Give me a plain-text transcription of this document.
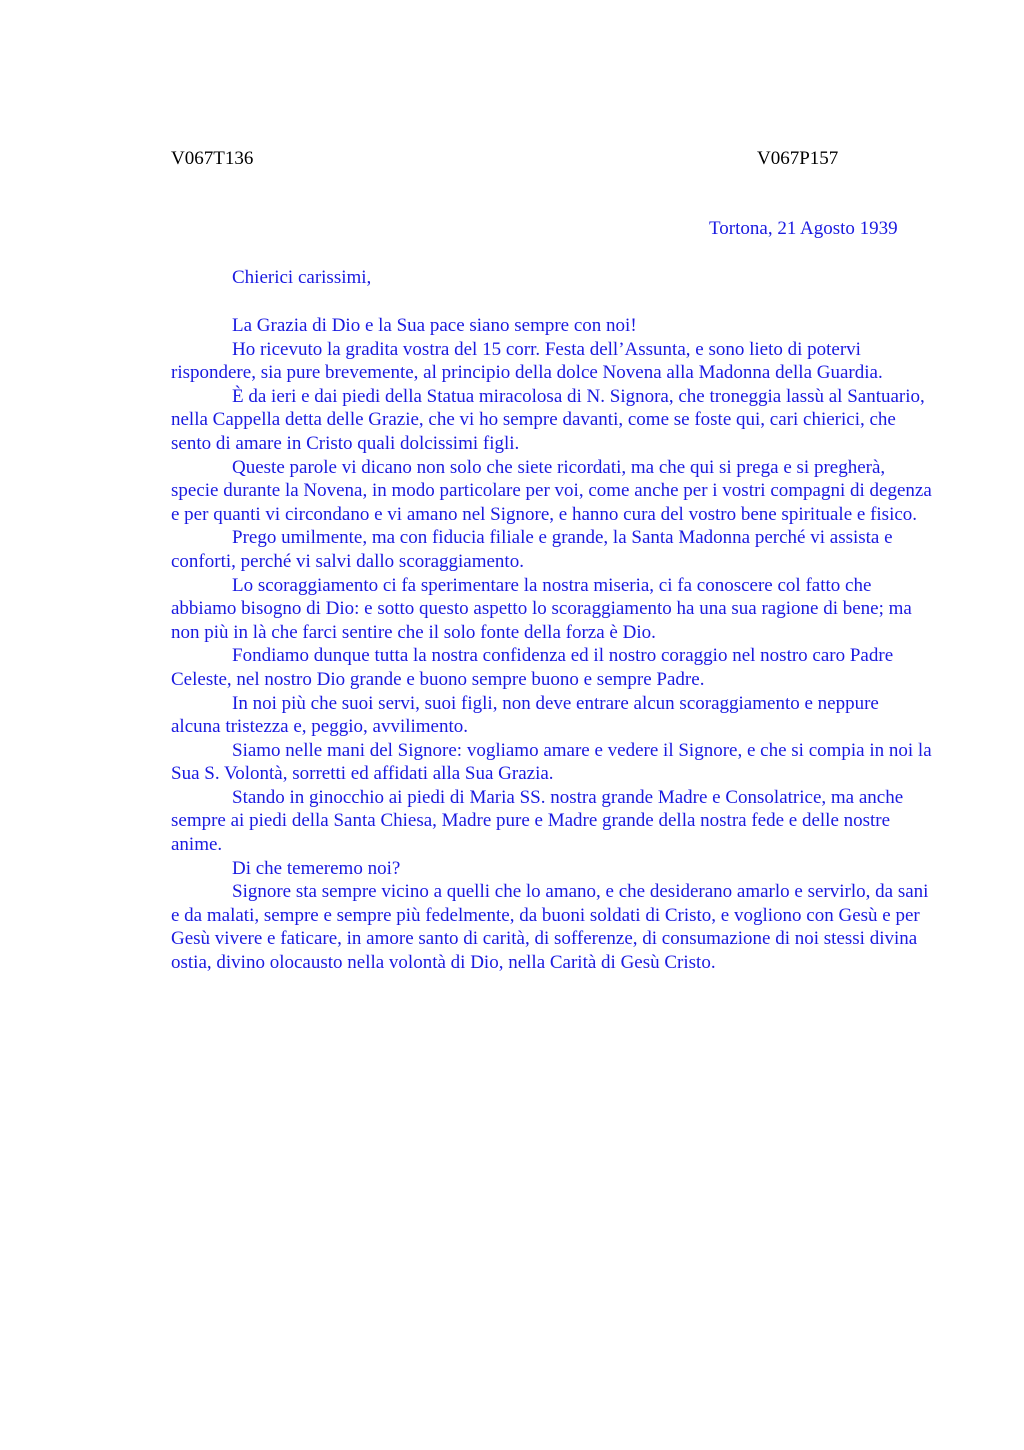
V067T136	V067P157
Tortona, 21 Agosto 1939
Chierici carissimi,

La Grazia di Dio e la Sua pace siano sempre con noi!

Ho ricevuto la gradita vostra del 15 corr. Festa dell’Assunta, e sono lieto di potervi rispondere, sia pure brevemente, al principio della dolce Novena alla Madonna della Guardia.

È da ieri e dai piedi della Statua miracolosa di N. Signora, che troneggia lassù al Santuario, nella Cappella detta delle Grazie, che vi ho sempre davanti, come se foste qui, cari chierici, che sento di amare in Cristo quali dolcissimi figli.

Queste parole vi dicano non solo che siete ricordati, ma che qui si prega e si pregherà, specie durante la Novena, in modo particolare per voi, come anche per i vostri compagni di degenza e per quanti vi circondano e vi amano nel Signore, e hanno cura del vostro bene spirituale e fisico.

Prego umilmente, ma con fiducia filiale e grande, la Santa Madonna perché vi assista e conforti, perché vi salvi dallo scoraggiamento.

Lo scoraggiamento ci fa sperimentare la nostra miseria, ci fa conoscere col fatto che abbiamo bisogno di Dio: e sotto questo aspetto lo scoraggiamento ha una sua ragione di bene; ma non più in là che farci sentire che il solo fonte della forza è Dio.

Fondiamo dunque tutta la nostra confidenza ed il nostro coraggio nel nostro caro Padre Celeste, nel nostro Dio grande e buono sempre buono e sempre Padre.

In noi più che suoi servi, suoi figli, non deve entrare alcun scoraggiamento e neppure alcuna tristezza e, peggio, avvilimento.

Siamo nelle mani del Signore: vogliamo amare e vedere il Signore, e che si compia in noi la Sua S. Volontà, sorretti ed affidati alla Sua Grazia.

Stando in ginocchio ai piedi di Maria SS. nostra grande Madre e Consolatrice, ma anche sempre ai piedi della Santa Chiesa, Madre pure e Madre grande della nostra fede e delle nostre anime.

Di che temeremo noi?

Signore sta sempre vicino a quelli che lo amano, e che desiderano amarlo e servirlo, da sani e da malati, sempre e sempre più fedelmente, da buoni soldati di Cristo, e vogliono con Gesù e per Gesù vivere e faticare, in amore santo di carità, di sofferenze, di consumazione di noi stessi divina ostia, divino olocausto nella volontà di Dio, nella Carità di Gesù Cristo.
